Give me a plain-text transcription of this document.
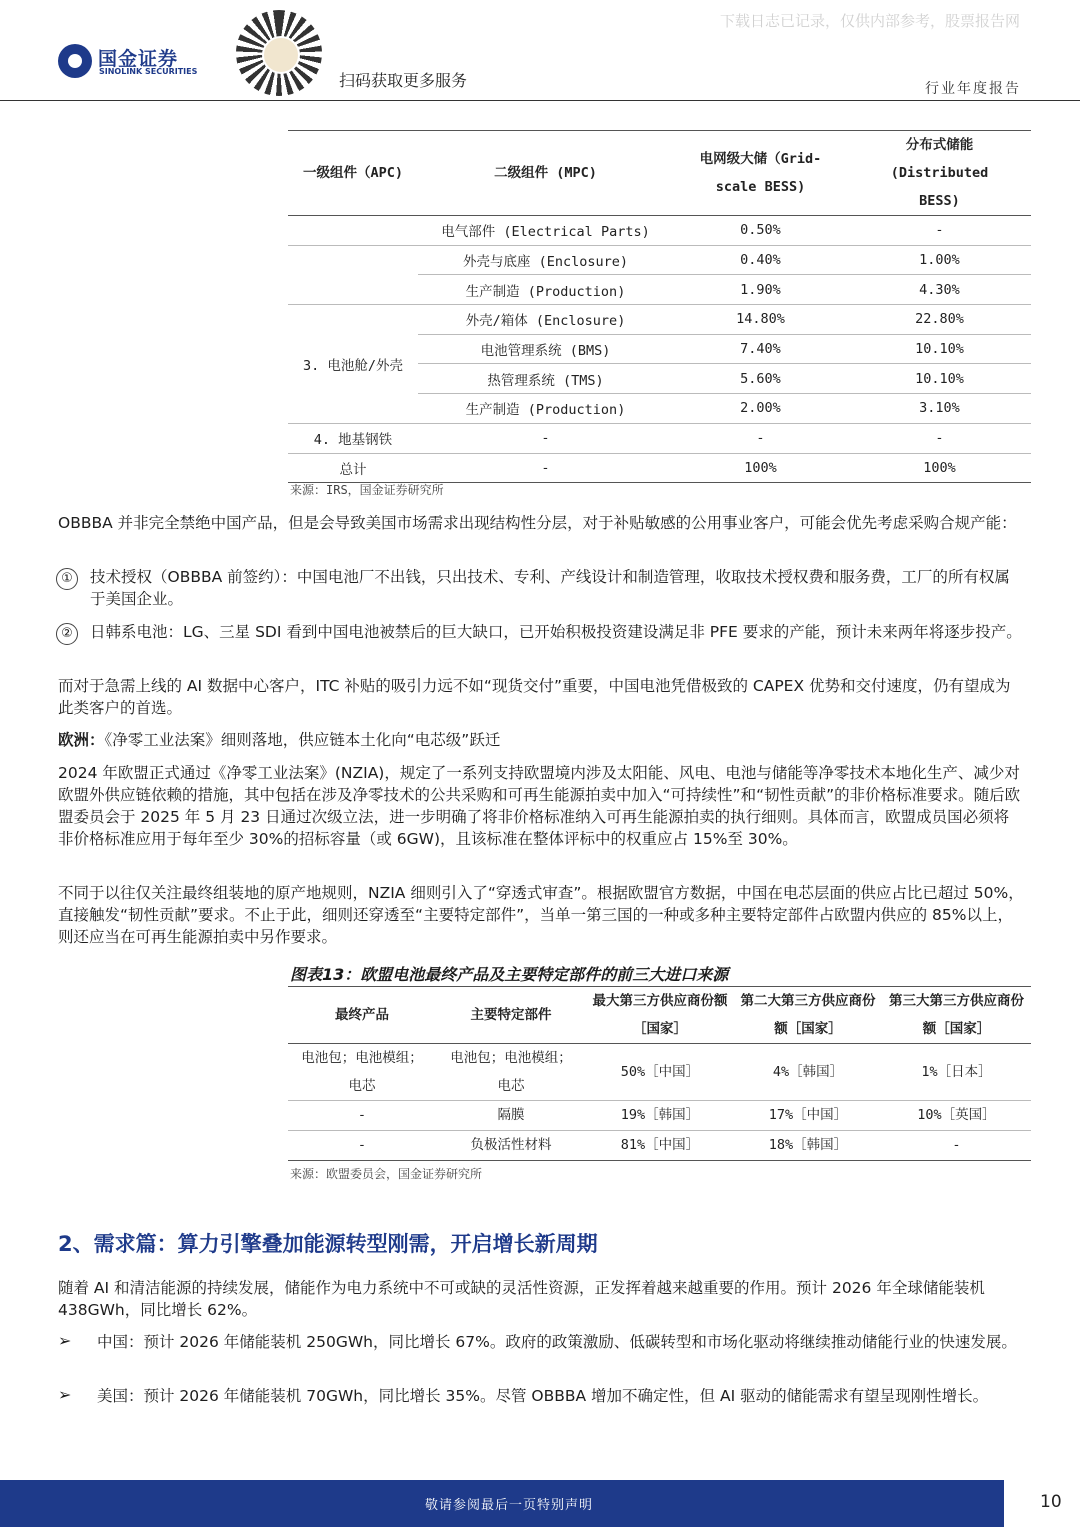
国金证券
SINOLINK SECURITIES	扫码获取更多服务
下载日志已记录，仅供内部参考，股票报告网
行业年度报告
一级组件（APC)	二级组件 (MPC)	电网级大储（Grid-scale BESS)	分布式储能 (Distributed BESS)
	电气部件 (Electrical Parts)	0.50%	-
	外壳与底座 (Enclosure)	0.40%	1.00%
	生产制造 (Production)	1.90%	4.30%
3. 电池舱/外壳	外壳/箱体 (Enclosure)	14.80%	22.80%
	电池管理系统 (BMS)	7.40%	10.10%
	热管理系统 (TMS)	5.60%	10.10%
	生产制造 (Production)	2.00%	3.10%
4. 地基钢铁	-	-	-
总计	-	100%	100%
来源：IRS，国金证券研究所

OBBBA 并非完全禁绝中国产品，但是会导致美国市场需求出现结构性分层，对于补贴敏感的公用事业客户，可能会优先考虑采购合规产能：

①	技术授权（OBBBA 前签约）：中国电池厂不出钱，只出技术、专利、产线设计和制造管理，收取技术授权费和服务费，工厂的所有权属于美国企业。

②	日韩系电池：LG、三星 SDI 看到中国电池被禁后的巨大缺口，已开始积极投资建设满足非 PFE 要求的产能，预计未来两年将逐步投产。

而对于急需上线的 AI 数据中心客户，ITC 补贴的吸引力远不如“现货交付”重要，中国电池凭借极致的 CAPEX 优势和交付速度，仍有望成为此类客户的首选。

欧洲：《净零工业法案》细则落地，供应链本土化向“电芯级”跃迁

2024 年欧盟正式通过《净零工业法案》(NZIA)，规定了一系列支持欧盟境内涉及太阳能、风电、电池与储能等净零技术本地化生产、减少对欧盟外供应链依赖的措施，其中包括在涉及净零技术的公共采购和可再生能源拍卖中加入“可持续性”和“韧性贡献”的非价格标准要求。随后欧盟委员会于 2025 年 5 月 23 日通过次级立法，进一步明确了将非价格标准纳入可再生能源拍卖的执行细则。具体而言，欧盟成员国必须将非价格标准应用于每年至少 30%的招标容量（或 6GW)，且该标准在整体评标中的权重应占 15%至 30%。

不同于以往仅关注最终组装地的原产地规则，NZIA 细则引入了“穿透式审查”。根据欧盟官方数据，中国在电芯层面的供应占比已超过 50%，直接触发“韧性贡献”要求。不止于此，细则还穿透至“主要特定部件”，当单一第三国的一种或多种主要特定部件占欧盟内供应的 85%以上，则还应当在可再生能源拍卖中另作要求。

图表13：欧盟电池最终产品及主要特定部件的前三大进口来源
最终产品	主要特定部件	最大第三方供应商份额［国家］	第二大第三方供应商份额［国家］	第三大第三方供应商份额［国家］
电池包；电池模组；电芯	电池包；电池模组；电芯	50%［中国］	4%［韩国］	1%［日本］
-	隔膜	19%［韩国］	17%［中国］	10%［英国］
-	负极活性材料	81%［中国］	18%［韩国］	-
来源：欧盟委员会，国金证券研究所
2、需求篇：算力引擎叠加能源转型刚需，开启增长新周期

随着 AI 和清洁能源的持续发展，储能作为电力系统中不可或缺的灵活性资源，正发挥着越来越重要的作用。预计 2026 年全球储能装机 438GWh，同比增长 62%。

➢ 中国：预计 2026 年储能装机 250GWh，同比增长 67%。政府的政策激励、低碳转型和市场化驱动将继续推动储能行业的快速发展。

➢ 美国：预计 2026 年储能装机 70GWh，同比增长 35%。尽管 OBBBA 增加不确定性，但 AI 驱动的储能需求有望呈现刚性增长。

敬请参阅最后一页特别声明	10
